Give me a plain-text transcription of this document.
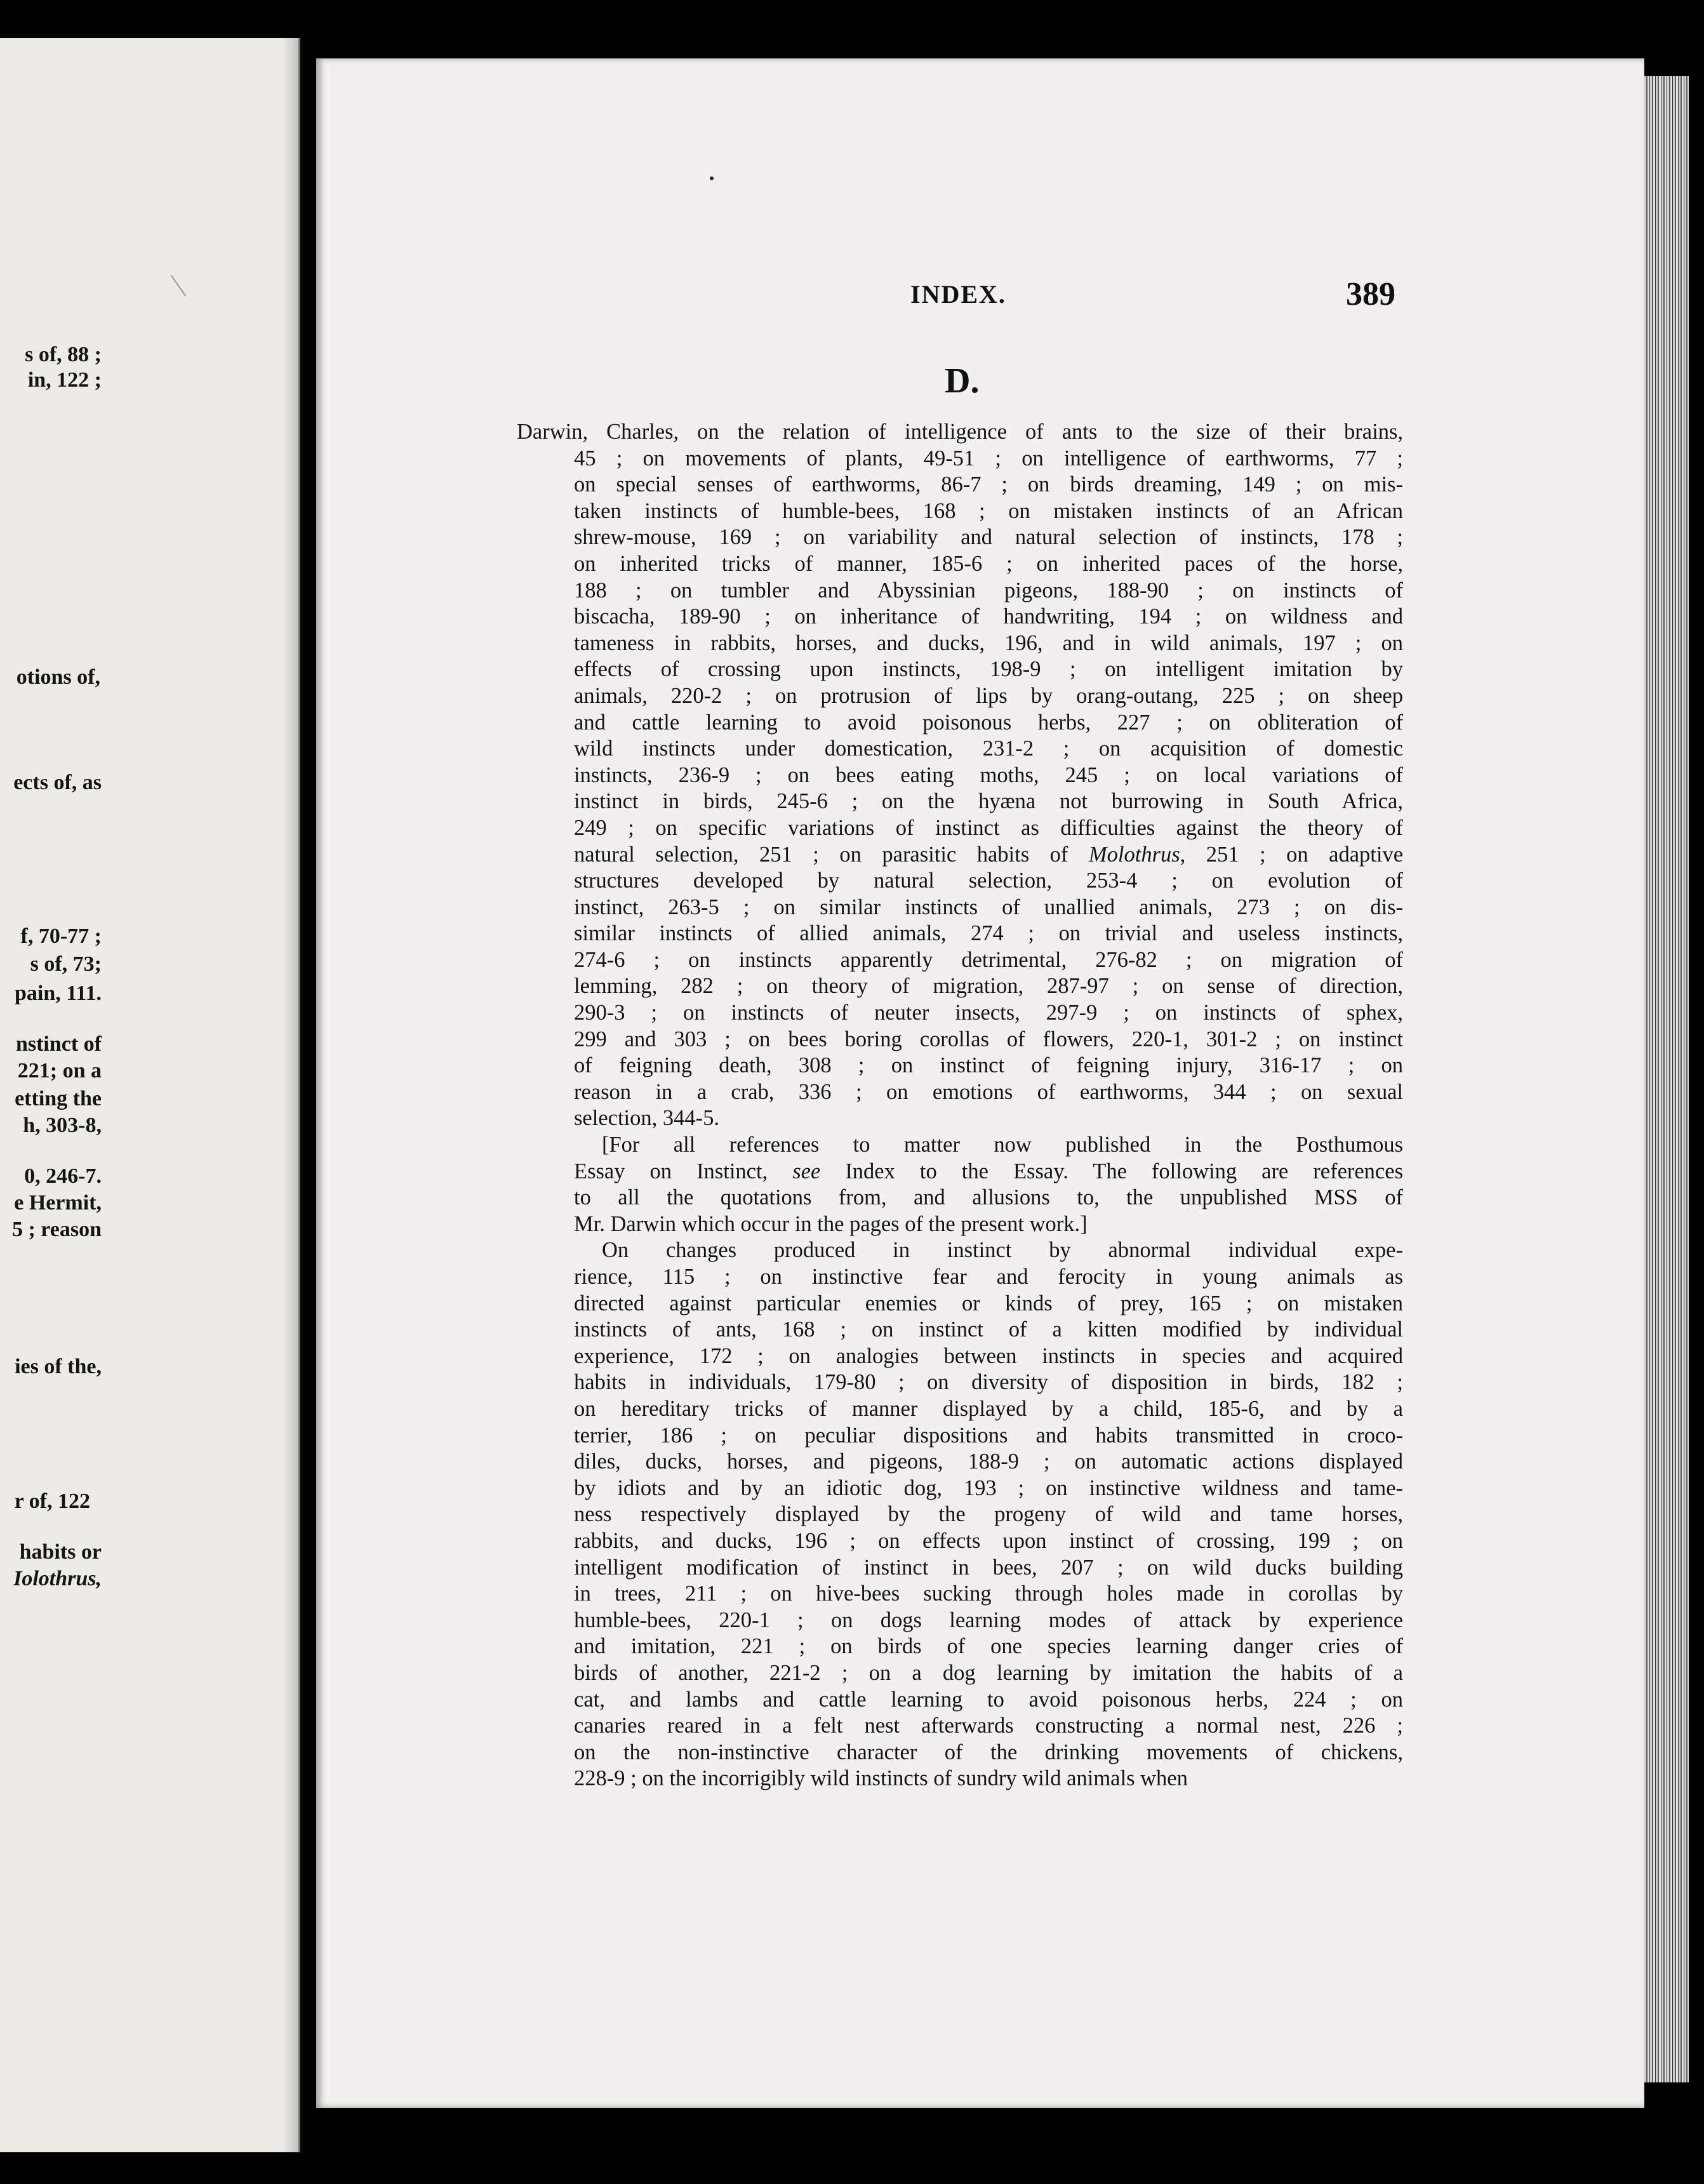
s of, 88 ;
in, 122 ;
otions of,
ects of, as
f, 70-77 ;
s of, 73;
pain, 111.
nstinct of
221; on a
etting the
h, 303-8,
0, 246-7.
e Hermit,
5 ; reason
ies of the,
r of, 122
habits or
Iolothrus,
INDEX.	389
D.
Darwin, Charles, on the relation of intelligence of ants to the size of their brains,
45 ; on movements of plants, 49-51 ; on intelligence of earthworms, 77 ;
on special senses of earthworms, 86-7 ; on birds dreaming, 149 ; on mis-
taken instincts of humble-bees, 168 ; on mistaken instincts of an African
shrew-mouse, 169 ; on variability and natural selection of instincts, 178 ;
on inherited tricks of manner, 185-6 ; on inherited paces of the horse,
188 ; on tumbler and Abyssinian pigeons, 188-90 ; on instincts of
biscacha, 189-90 ; on inheritance of handwriting, 194 ; on wildness and
tameness in rabbits, horses, and ducks, 196, and in wild animals, 197 ; on
effects of crossing upon instincts, 198-9 ; on intelligent imitation by
animals, 220-2 ; on protrusion of lips by orang-outang, 225 ; on sheep
and cattle learning to avoid poisonous herbs, 227 ; on obliteration of
wild instincts under domestication, 231-2 ; on acquisition of domestic
instincts, 236-9 ; on bees eating moths, 245 ; on local variations of
instinct in birds, 245-6 ; on the hyæna not burrowing in South Africa,
249 ; on specific variations of instinct as difficulties against the theory of
natural selection, 251 ; on parasitic habits of Molothrus, 251 ; on adaptive
structures developed by natural selection, 253-4 ; on evolution of
instinct, 263-5 ; on similar instincts of unallied animals, 273 ; on dis-
similar instincts of allied animals, 274 ; on trivial and useless instincts,
274-6 ; on instincts apparently detrimental, 276-82 ; on migration of
lemming, 282 ; on theory of migration, 287-97 ; on sense of direction,
290-3 ; on instincts of neuter insects, 297-9 ; on instincts of sphex,
299 and 303 ; on bees boring corollas of flowers, 220-1, 301-2 ; on instinct
of feigning death, 308 ; on instinct of feigning injury, 316-17 ; on
reason in a crab, 336 ; on emotions of earthworms, 344 ; on sexual
selection, 344-5.
[For all references to matter now published in the Posthumous
Essay on Instinct, see Index to the Essay. The following are references
to all the quotations from, and allusions to, the unpublished MSS of
Mr. Darwin which occur in the pages of the present work.]
On changes produced in instinct by abnormal individual expe-
rience, 115 ; on instinctive fear and ferocity in young animals as
directed against particular enemies or kinds of prey, 165 ; on mistaken
instincts of ants, 168 ; on instinct of a kitten modified by individual
experience, 172 ; on analogies between instincts in species and acquired
habits in individuals, 179-80 ; on diversity of disposition in birds, 182 ;
on hereditary tricks of manner displayed by a child, 185-6, and by a
terrier, 186 ; on peculiar dispositions and habits transmitted in croco-
diles, ducks, horses, and pigeons, 188-9 ; on automatic actions displayed
by idiots and by an idiotic dog, 193 ; on instinctive wildness and tame-
ness respectively displayed by the progeny of wild and tame horses,
rabbits, and ducks, 196 ; on effects upon instinct of crossing, 199 ; on
intelligent modification of instinct in bees, 207 ; on wild ducks building
in trees, 211 ; on hive-bees sucking through holes made in corollas by
humble-bees, 220-1 ; on dogs learning modes of attack by experience
and imitation, 221 ; on birds of one species learning danger cries of
birds of another, 221-2 ; on a dog learning by imitation the habits of a
cat, and lambs and cattle learning to avoid poisonous herbs, 224 ; on
canaries reared in a felt nest afterwards constructing a normal nest, 226 ;
on the non-instinctive character of the drinking movements of chickens,
228-9 ; on the incorrigibly wild instincts of sundry wild animals when
